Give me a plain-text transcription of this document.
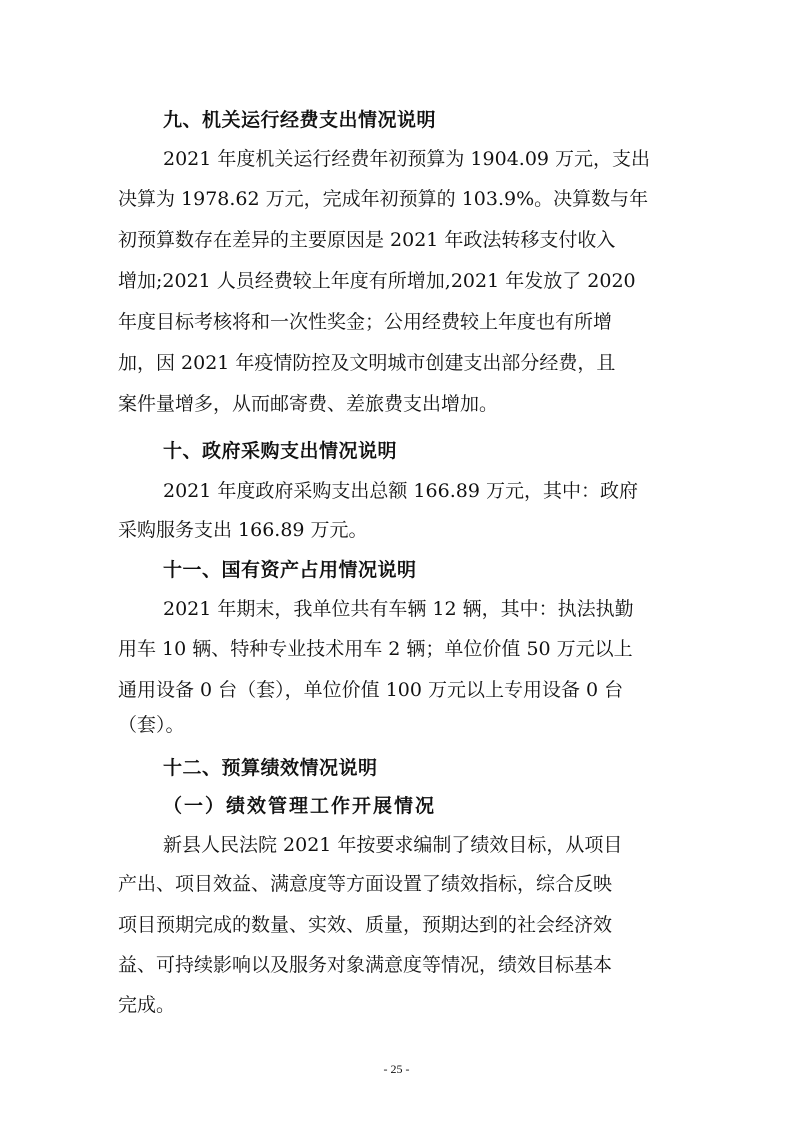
九、机关运行经费支出情况说明
2021 年度机关运行经费年初预算为 1904.09 万元，支出
决算为 1978.62 万元，完成年初预算的 103.9%。决算数与年
初预算数存在差异的主要原因是 2021 年政法转移支付收入
增加;2021 人员经费较上年度有所增加,2021 年发放了 2020
年度目标考核将和一次性奖金；公用经费较上年度也有所增
加，因 2021 年疫情防控及文明城市创建支出部分经费，且
案件量增多，从而邮寄费、差旅费支出增加。
十、政府采购支出情况说明
2021 年度政府采购支出总额 166.89 万元，其中：政府
采购服务支出 166.89 万元。
十一、国有资产占用情况说明
2021 年期末，我单位共有车辆 12 辆，其中：执法执勤
用车 10 辆、特种专业技术用车 2 辆；单位价值 50 万元以上
通用设备 0 台（套），单位价值 100 万元以上专用设备 0 台
（套）。
十二、预算绩效情况说明
（一）绩效管理工作开展情况
新县人民法院 2021 年按要求编制了绩效目标，从项目
产出、项目效益、满意度等方面设置了绩效指标，综合反映
项目预期完成的数量、实效、质量，预期达到的社会经济效
益、可持续影响以及服务对象满意度等情况，绩效目标基本
完成。
- 25 -
